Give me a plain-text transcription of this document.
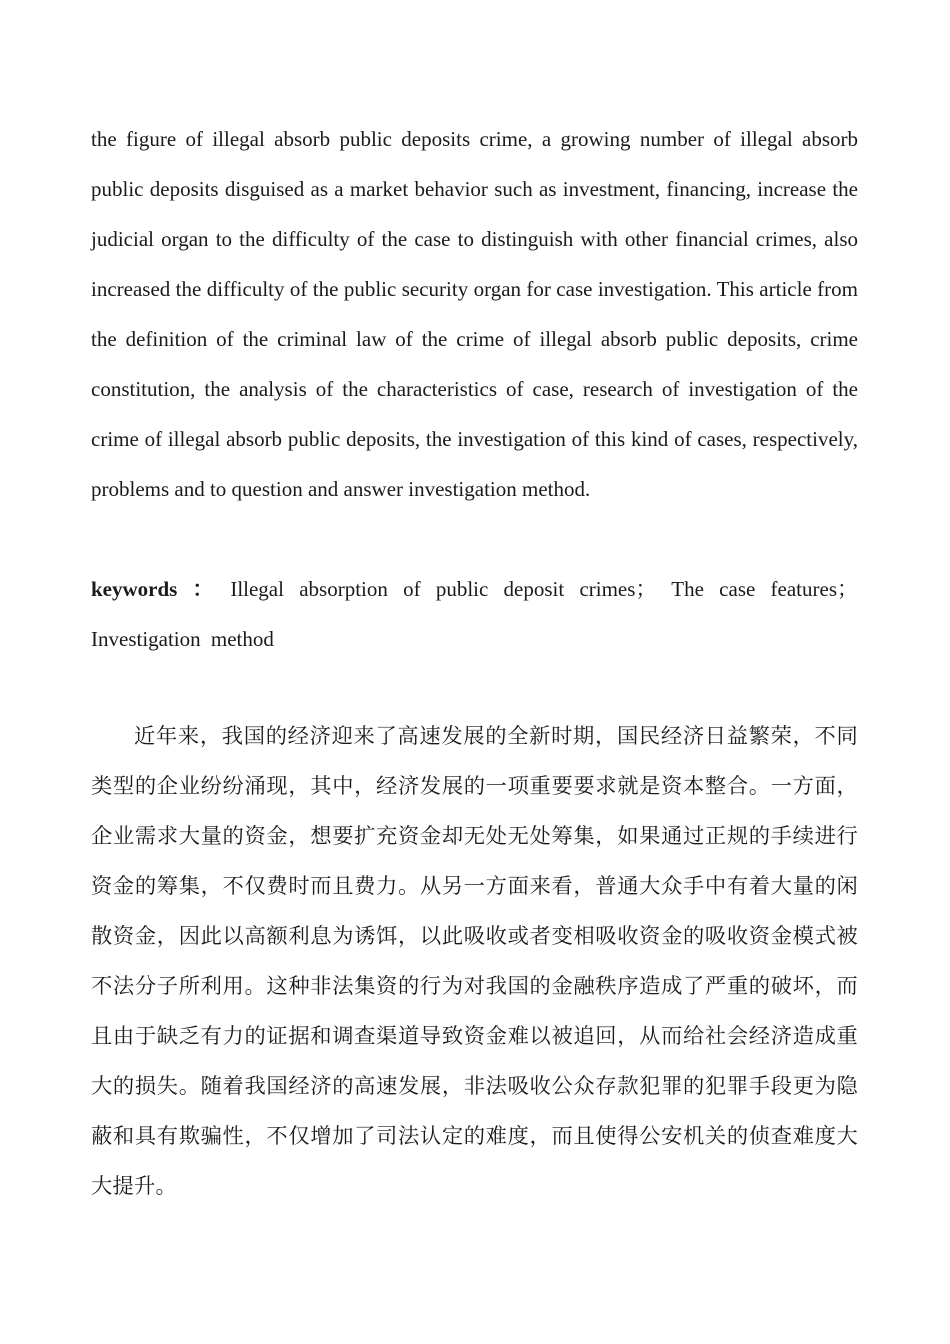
the figure of illegal absorb public deposits crime, a growing number of illegal absorb public deposits disguised as a market behavior such as investment, financing, increase the judicial organ to the difficulty of the case to distinguish with other financial crimes, also increased the difficulty of the public security organ for case investigation. This article from the definition of the criminal law of the crime of illegal absorb public deposits, crime constitution, the analysis of the characteristics of case, research of investigation of the crime of illegal absorb public deposits, the investigation of this kind of cases, respectively, problems and to question and answer investigation method.

keywords ： Illegal absorption of public deposit crimes； The case features； Investigation method

近年来，我国的经济迎来了高速发展的全新时期，国民经济日益繁荣，不同类型的企业纷纷涌现，其中，经济发展的一项重要要求就是资本整合。一方面，企业需求大量的资金，想要扩充资金却无处无处筹集，如果通过正规的手续进行资金的筹集，不仅费时而且费力。从另一方面来看，普通大众手中有着大量的闲散资金，因此以高额利息为诱饵，以此吸收或者变相吸收资金的吸收资金模式被不法分子所利用。这种非法集资的行为对我国的金融秩序造成了严重的破坏，而且由于缺乏有力的证据和调查渠道导致资金难以被追回，从而给社会经济造成重大的损失。随着我国经济的高速发展，非法吸收公众存款犯罪的犯罪手段更为隐蔽和具有欺骗性，不仅增加了司法认定的难度，而且使得公安机关的侦查难度大大提升。
